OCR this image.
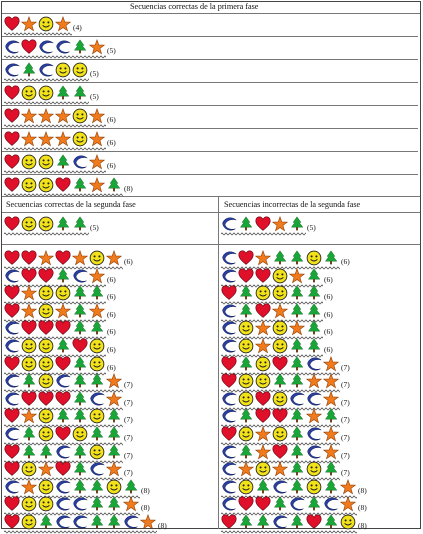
Secuencias correctas de la primera fase
(4)
(5)
(5)
(5)
(6)
(6)
(6)
(8)
Secuencias correctas de la segunda fase	Secuencias incorrectas de la segunda fase
(5)
(6)
(6)
(6)
(6)
(6)
(6)
(6)
(7)
(7)
(7)
(7)
(7)
(7)
(8)
(8)
(8)
(5)
(6)
(6)
(6)
(6)
(6)
(6)
(7)
(7)
(7)
(7)
(7)
(7)
(7)
(8)
(8)
(8)
